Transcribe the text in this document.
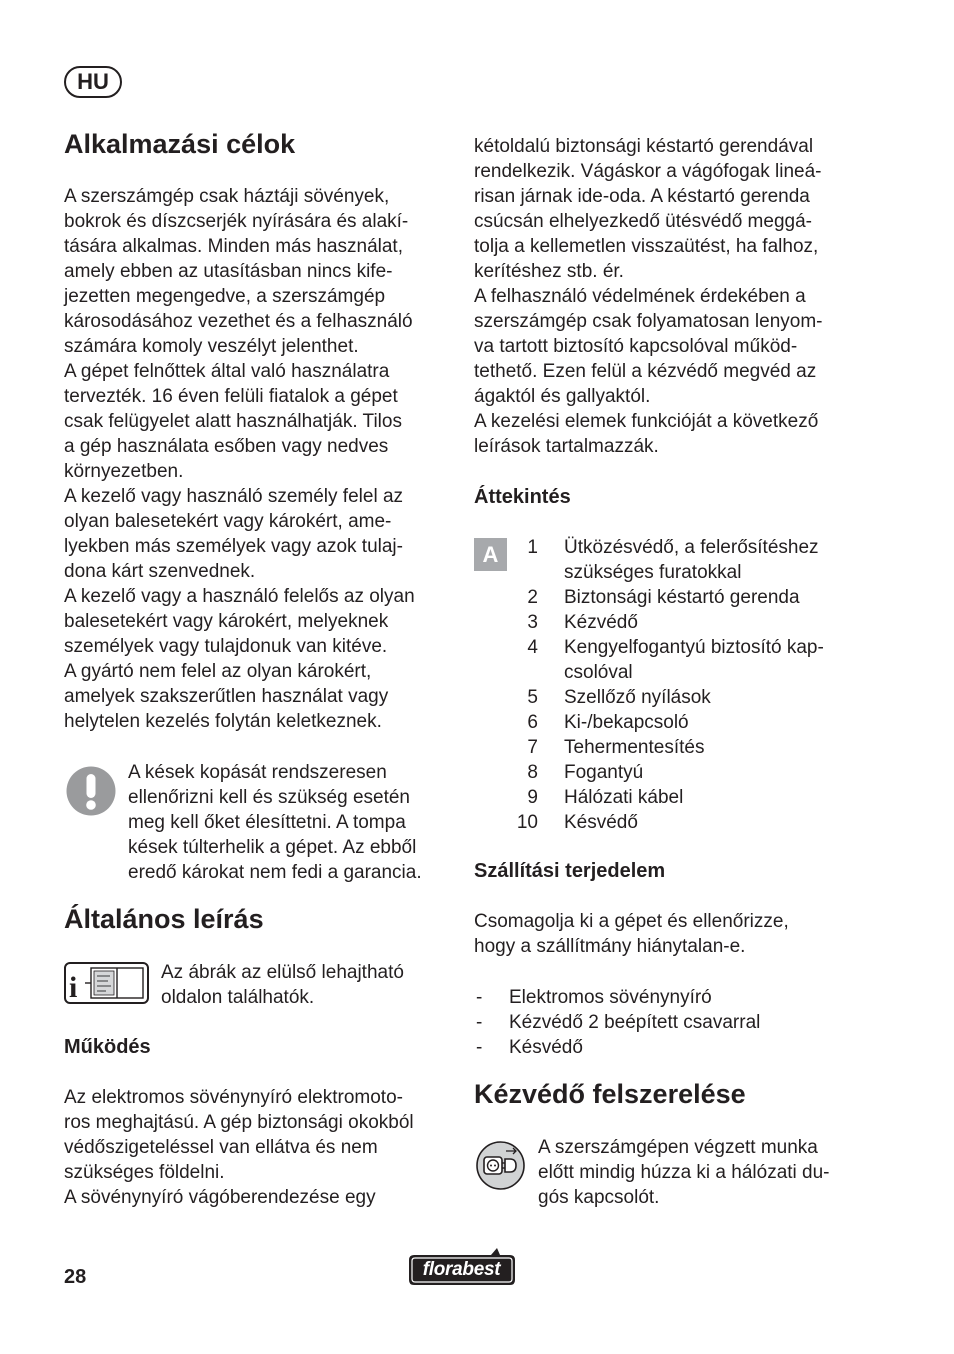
HU
Alkalmazási célok
A szerszámgép csak háztáji sövények,
bokrok és díszcserjék nyírására és alakí-
tására alkalmas. Minden más használat,
amely ebben az utasításban nincs kife-
jezetten megengedve, a szerszámgép
károsodásához vezethet és a felhasználó
számára komoly veszélyt jelenthet.
A gépet felnőttek által való használatra
tervezték. 16 éven felüli fiatalok a gépet
csak felügyelet alatt használhatják. Tilos
a gép használata esőben vagy nedves
környezetben.
A kezelő vagy használó személy felel az
olyan balesetekért vagy károkért, ame-
lyekben más személyek vagy azok tulaj-
dona kárt szenvednek.
A kezelő vagy a használó felelős az olyan
balesetekért vagy károkért, melyeknek
személyek vagy tulajdonuk van kitéve.
A gyártó nem felel az olyan károkért,
amelyek szakszerűtlen használat vagy
helytelen kezelés folytán keletkeznek.
A kések kopását rendszeresen
ellenőrizni kell és szükség esetén
meg kell őket élesíttetni. A tompa
kések túlterhelik a gépet. Az ebből
eredő károkat nem fedi a garancia.
Általános leírás
i	Az ábrák az elülső lehajtható
oldalon találhatók.
Működés
Az elektromos sövénynyíró elektromoto-
ros meghajtású. A gép biztonsági okokból
védőszigeteléssel van ellátva és nem
szükséges földelni.
A sövénynyíró vágóberendezése egy
kétoldalú biztonsági késtartó gerendával
rendelkezik. Vágáskor a vágófogak lineá-
risan járnak ide-oda. A késtartó gerenda
csúcsán elhelyezkedő ütésvédő meggá-
tolja a kellemetlen visszaütést, ha falhoz,
kerítéshez stb. ér.
A felhasználó védelmének érdekében a
szerszámgép csak folyamatosan lenyom-
va tartott biztosító kapcsolóval működ-
tethető. Ezen felül a kézvédő megvéd az
ágaktól és gallyaktól.
A kezelési elemek funkcióját a következő
leírások tartalmazzák.
Áttekintés
A	1 Ütközésvédő, a felerősítéshez
szükséges furatokkal
2 Biztonsági késtartó gerenda
3 Kézvédő
4 Kengyelfogantyú biztosító kap-
csolóval
5 Szellőző nyílások
6 Ki-/bekapcsoló
7 Tehermentesítés
8 Fogantyú
9 Hálózati kábel
10 Késvédő
Szállítási terjedelem
Csomagolja ki a gépet és ellenőrizze,
hogy a szállítmány hiánytalan-e.
- Elektromos sövénynyíró
- Kézvédő 2 beépített csavarral
- Késvédő
Kézvédő felszerelése
A szerszámgépen végzett munka
előtt mindig húzza ki a hálózati du-
gós kapcsolót.
28	florabest
